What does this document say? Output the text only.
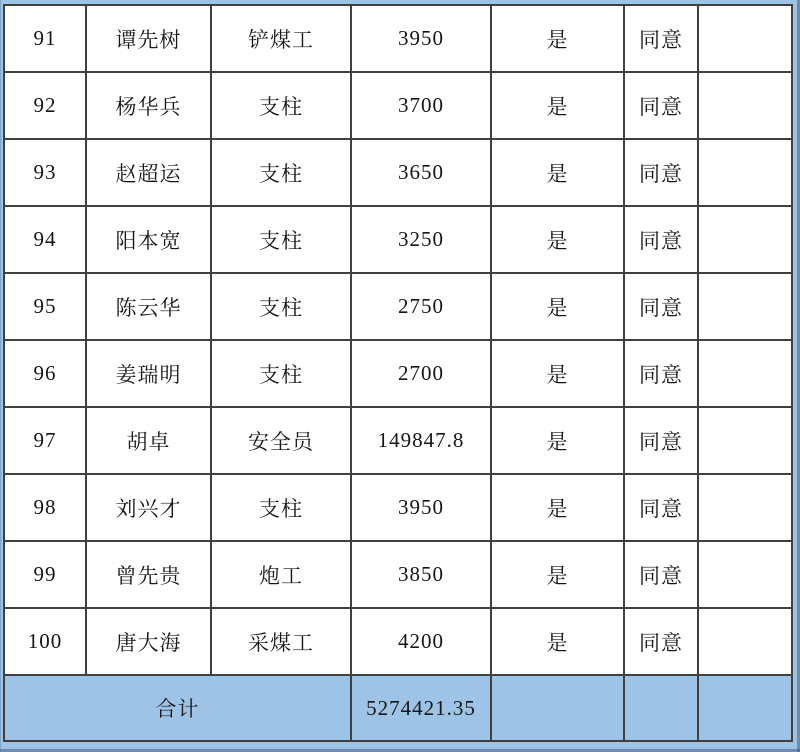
91	谭先树	铲煤工	3950	是	同意	
92	杨华兵	支柱	3700	是	同意	
93	赵超运	支柱	3650	是	同意	
94	阳本宽	支柱	3250	是	同意	
95	陈云华	支柱	2750	是	同意	
96	姜瑞明	支柱	2700	是	同意	
97	胡卓	安全员	149847.8	是	同意	
98	刘兴才	支柱	3950	是	同意	
99	曾先贵	炮工	3850	是	同意	
100	唐大海	采煤工	4200	是	同意	
合计			5274421.35			
